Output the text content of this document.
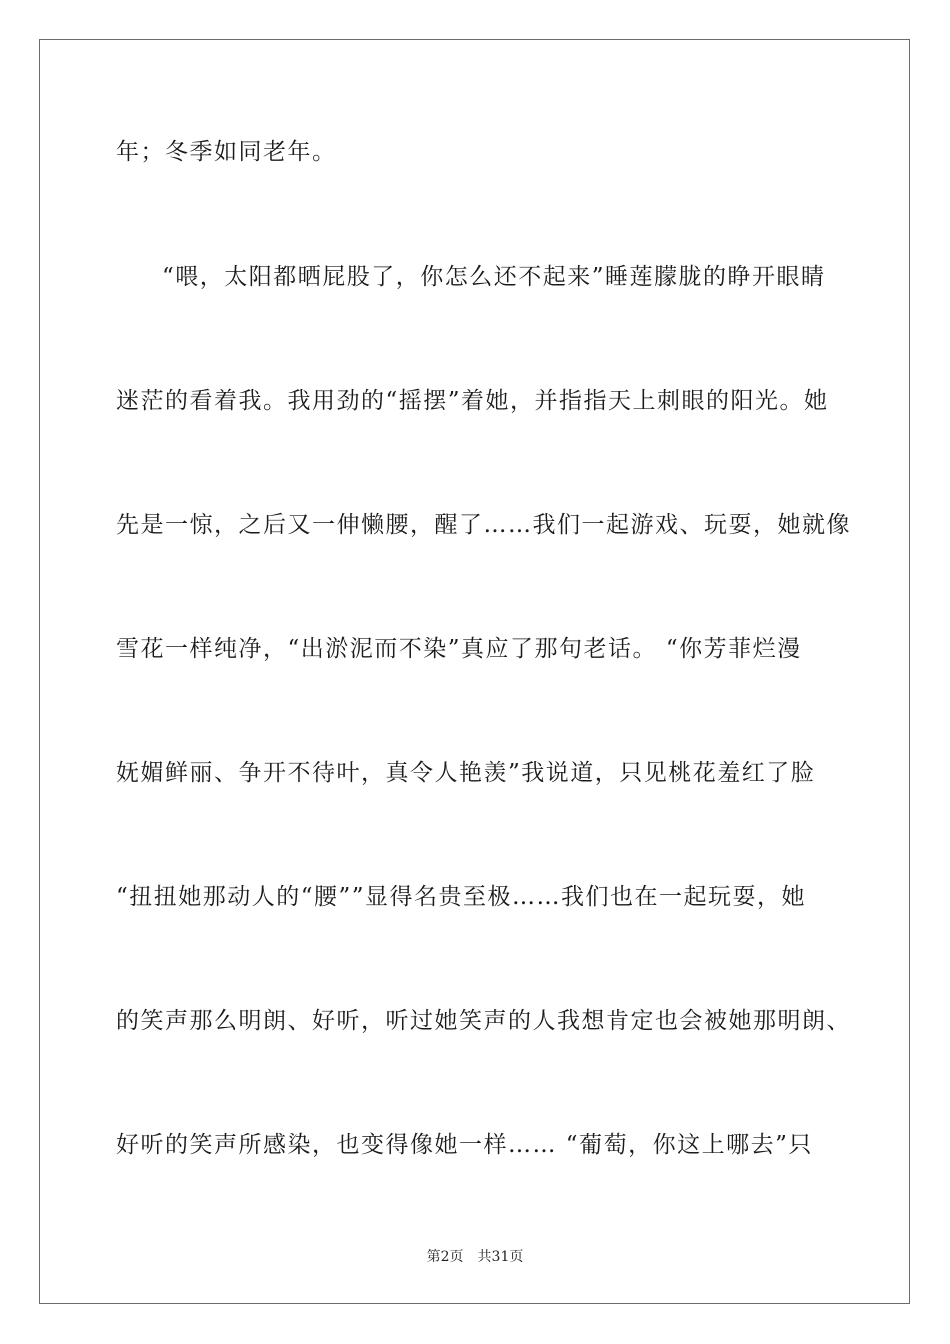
年；冬季如同老年。
“喂，太阳都晒屁股了，你怎么还不起来”睡莲朦胧的睁开眼睛
迷茫的看着我。我用劲的“摇摆”着她，并指指天上刺眼的阳光。她
先是一惊，之后又一伸懒腰，醒了……我们一起游戏、玩耍，她就像
雪花一样纯净，“出淤泥而不染”真应了那句老话。 “你芳菲烂漫
妩媚鲜丽、争开不待叶，真令人艳羡”我说道，只见桃花羞红了脸
“扭扭她那动人的“腰””显得名贵至极……我们也在一起玩耍，她
的笑声那么明朗、好听，听过她笑声的人我想肯定也会被她那明朗、
好听的笑声所感染，也变得像她一样…… “葡萄，你这上哪去”只
第2页 共31页
